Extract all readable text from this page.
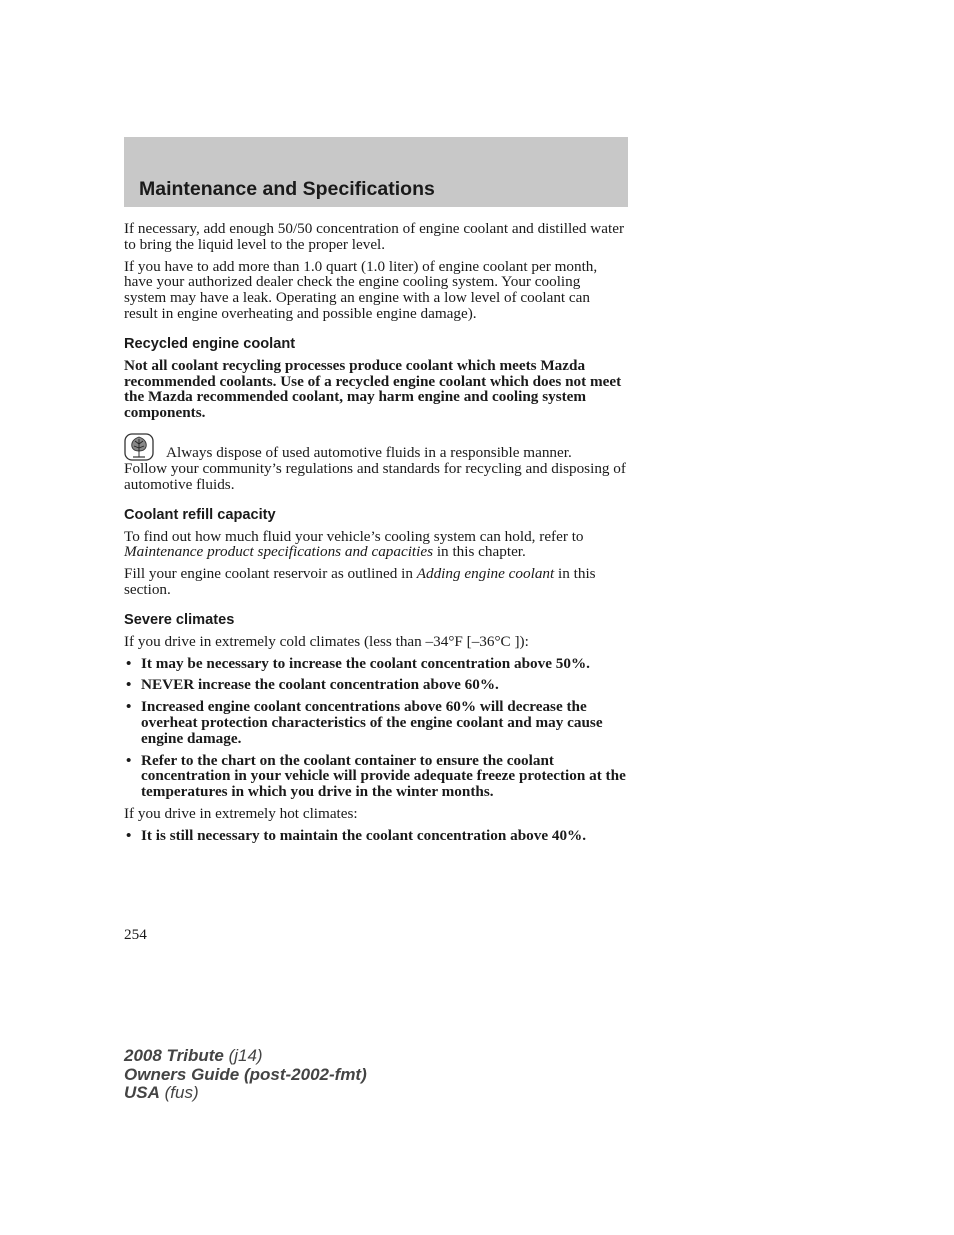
Maintenance and Specifications

If necessary, add enough 50/50 concentration of engine coolant and distilled water to bring the liquid level to the proper level.

If you have to add more than 1.0 quart (1.0 liter) of engine coolant per month, have your authorized dealer check the engine cooling system. Your cooling system may have a leak. Operating an engine with a low level of coolant can result in engine overheating and possible engine damage).

Recycled engine coolant

Not all coolant recycling processes produce coolant which meets Mazda recommended coolants. Use of a recycled engine coolant which does not meet the Mazda recommended coolant, may harm engine and cooling system components.

Always dispose of used automotive fluids in a responsible manner.

Follow your community’s regulations and standards for recycling and disposing of automotive fluids.

Coolant refill capacity

To find out how much fluid your vehicle’s cooling system can hold, refer to Maintenance product specifications and capacities in this chapter.

Fill your engine coolant reservoir as outlined in Adding engine coolant in this section.

Severe climates

If you drive in extremely cold climates (less than –34°F [–36°C ]):

• It may be necessary to increase the coolant concentration above 50%.
• NEVER increase the coolant concentration above 60%.
• Increased engine coolant concentrations above 60% will decrease the overheat protection characteristics of the engine coolant and may cause engine damage.
• Refer to the chart on the coolant container to ensure the coolant concentration in your vehicle will provide adequate freeze protection at the temperatures in which you drive in the winter months.

If you drive in extremely hot climates:

• It is still necessary to maintain the coolant concentration above 40%.
254
2008 Tribute (j14)
Owners Guide (post-2002-fmt)
USA (fus)
